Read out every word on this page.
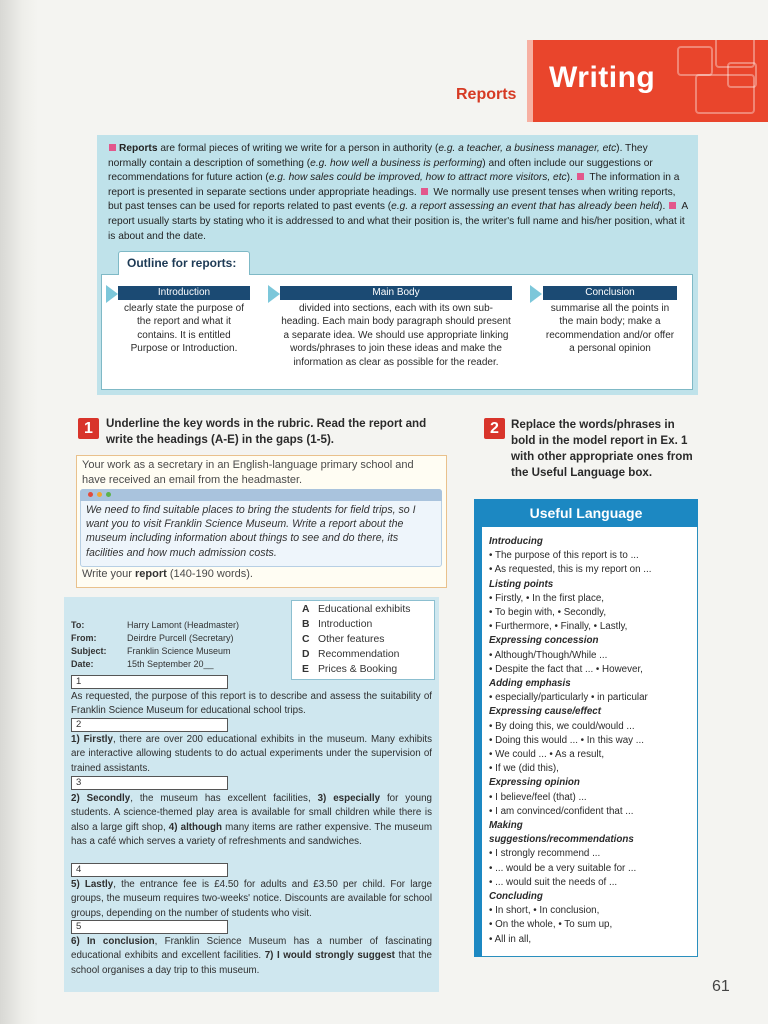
Reports
Writing
Reports are formal pieces of writing we write for a person in authority (e.g. a teacher, a business manager, etc). They normally contain a description of something (e.g. how well a business is performing) and often include our suggestions or recommendations for future action (e.g. how sales could be improved, how to attract more visitors, etc).  The information in a report is presented in separate sections under appropriate headings.  We normally use present tenses when writing reports, but past tenses can be used for reports related to past events (e.g. a report assessing an event that has already been held).  A report usually starts by stating who it is addressed to and what their position is, the writer's full name and his/her position, what it is about and the date.
Outline for reports:
Introduction
clearly state the purpose of the report and what it contains. It is entitled Purpose or Introduction.
Main Body
divided into sections, each with its own sub-heading. Each main body paragraph should present a separate idea. We should use appropriate linking words/phrases to join these ideas and make the information as clear as possible for the reader.
Conclusion
summarise all the points in the main body; make a recommendation and/or offer a personal opinion
1	Underline the key words in the rubric. Read the report and write the headings (A-E) in the gaps (1-5).
2	Replace the words/phrases in bold in the model report in Ex. 1 with other appropriate ones from the Useful Language box.
Your work as a secretary in an English-language primary school and have received an email from the headmaster.
We need to find suitable places to bring the students for field trips, so I want you to visit Franklin Science Museum. Write a report about the museum including information about things to see and do there, its facilities and how much admission costs.
Write your report (140-190 words).
To:
From:
Subject:
Date:
Harry Lamont (Headmaster)
Deirdre Purcell (Secretary)
Franklin Science Museum
15th September 20__
A Educational exhibits
B Introduction
C Other features
D Recommendation
E Prices & Booking
1
As requested, the purpose of this report is to describe and assess the suitability of Franklin Science Museum for educational school trips.
2
1) Firstly, there are over 200 educational exhibits in the museum. Many exhibits are interactive allowing students to do actual experiments under the supervision of trained assistants.
3
2) Secondly, the museum has excellent facilities, 3) especially for young students. A science-themed play area is available for small children while there is also a large gift shop, 4) although many items are rather expensive. The museum has a café which serves a variety of refreshments and sandwiches.
4
5) Lastly, the entrance fee is £4.50 for adults and £3.50 per child. For large groups, the museum requires two-weeks' notice. Discounts are available for school groups, depending on the number of students who visit.
5
6) In conclusion, Franklin Science Museum has a number of fascinating educational exhibits and excellent facilities. 7) I would strongly suggest that the school organises a day trip to this museum.
Useful Language
Introducing
• The purpose of this report is to ...
• As requested, this is my report on ...
Listing points
• Firstly, • In the first place,
• To begin with, • Secondly,
• Furthermore, • Finally, • Lastly,
Expressing concession
• Although/Though/While ...
• Despite the fact that ... • However,
Adding emphasis
• especially/particularly • in particular
Expressing cause/effect
• By doing this, we could/would ...
• Doing this would ... • In this way ...
• We could ... • As a result,
• If we (did this),
Expressing opinion
• I believe/feel (that) ...
• I am convinced/confident that ...
Making
suggestions/recommendations
• I strongly recommend ...
• ... would be a very suitable for ...
• ... would suit the needs of ...
Concluding
• In short, • In conclusion,
• On the whole, • To sum up,
• All in all,
61
